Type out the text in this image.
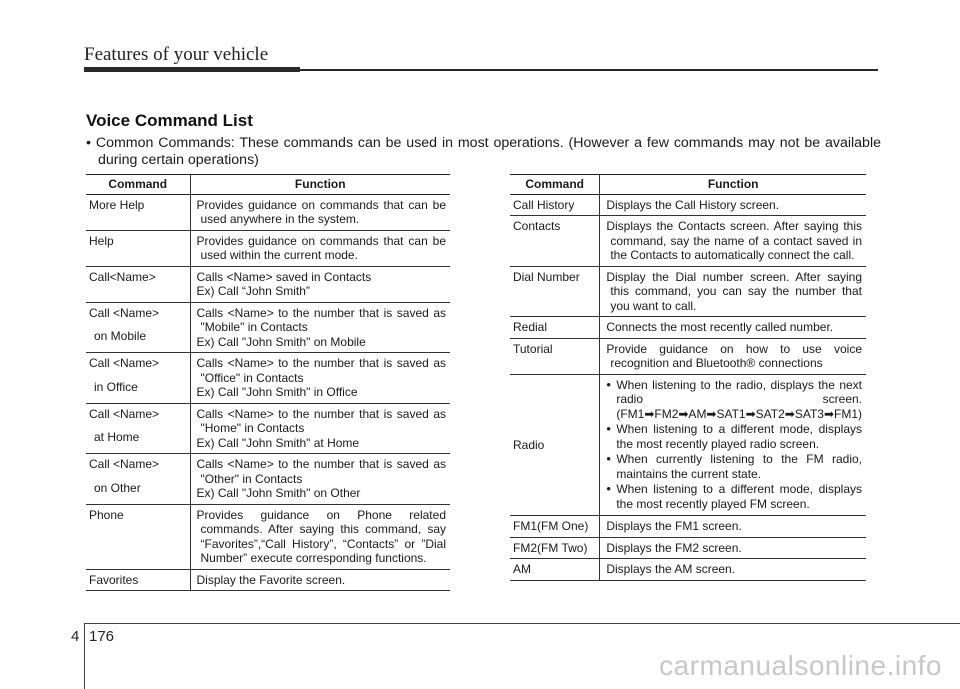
Features of your vehicle
Voice Command List
• Common Commands: These commands can be used in most operations. (However a few commands may not be available during certain operations)
Command	Function
More Help	Provides guidance on commands that can be used anywhere in the system.

Help	Provides guidance on commands that can be used within the current mode.

Call<Name>	Calls <Name> saved in Contacts
Ex) Call “John Smith”

Call <Name>
on Mobile	Calls <Name> to the number that is saved as "Mobile" in Contacts
Ex) Call "John Smith" on Mobile

Call <Name>
in Office	Calls <Name> to the number that is saved as "Office" in Contacts
Ex) Call "John Smith" in Office

Call <Name>
at Home	Calls <Name> to the number that is saved as "Home" in Contacts
Ex) Call "John Smith" at Home

Call <Name>
on Other	Calls <Name> to the number that is saved as "Other" in Contacts
Ex) Call "John Smith" on Other

Phone	Provides guidance on Phone related commands. After saying this command, say “Favorites”,“Call History”, “Contacts” or ”Dial Number” execute corresponding functions.

Favorites	Display the Favorite screen.
Command	Function
Call History	Displays the Call History screen.

Contacts	Displays the Contacts screen. After saying this command, say the name of a contact saved in the Contacts to automatically connect the call.

Dial Number	Display the Dial number screen. After saying this command, you can say the number that you want to call.

Redial	Connects the most recently called number.

Tutorial	Provide guidance on how to use voice recognition and Bluetooth® connections

Radio	• When listening to the radio, displays the next radio screen. (FM1➡FM2➡AM➡SAT1➡SAT2➡SAT3➡FM1)
• When listening to a different mode, displays the most recently played radio screen.
• When currently listening to the FM radio, maintains the current state.
• When listening to a different mode, displays the most recently played FM screen.

FM1(FM One)	Displays the FM1 screen.

FM2(FM Two)	Displays the FM2 screen.

AM	Displays the AM screen.
4 176
carmanualsonline.info
